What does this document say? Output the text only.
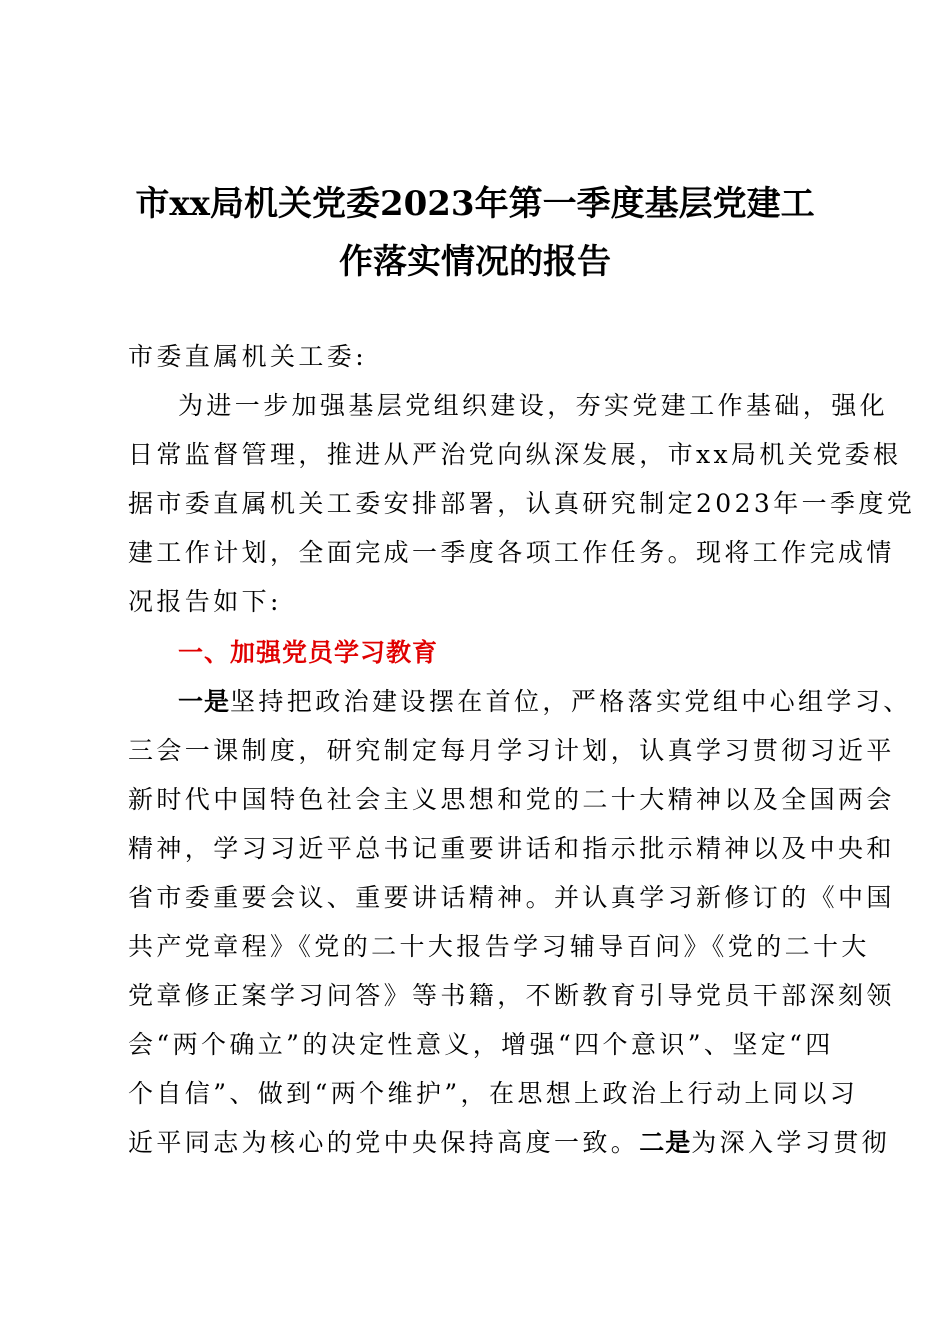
市xx局机关党委2023年第一季度基层党建工
作落实情况的报告

市委直属机关工委:

为进一步加强基层党组织建设，夯实党建工作基础，强化

日常监督管理，推进从严治党向纵深发展，市xx局机关党委根

据市委直属机关工委安排部署，认真研究制定2023年一季度党

建工作计划，全面完成一季度各项工作任务。现将工作完成情

况报告如下:

一、加强党员学习教育

一是坚持把政治建设摆在首位，严格落实党组中心组学习、

三会一课制度，研究制定每月学习计划，认真学习贯彻习近平

新时代中国特色社会主义思想和党的二十大精神以及全国两会

精神，学习习近平总书记重要讲话和指示批示精神以及中央和

省市委重要会议、重要讲话精神。并认真学习新修订的《中国

共产党章程》《党的二十大报告学习辅导百问》《党的二十大

党章修正案学习问答》等书籍，不断教育引导党员干部深刻领

会“两个确立”的决定性意义，增强“四个意识”、坚定“四

个自信”、做到“两个维护”，在思想上政治上行动上同以习

近平同志为核心的党中央保持高度一致。二是为深入学习贯彻
